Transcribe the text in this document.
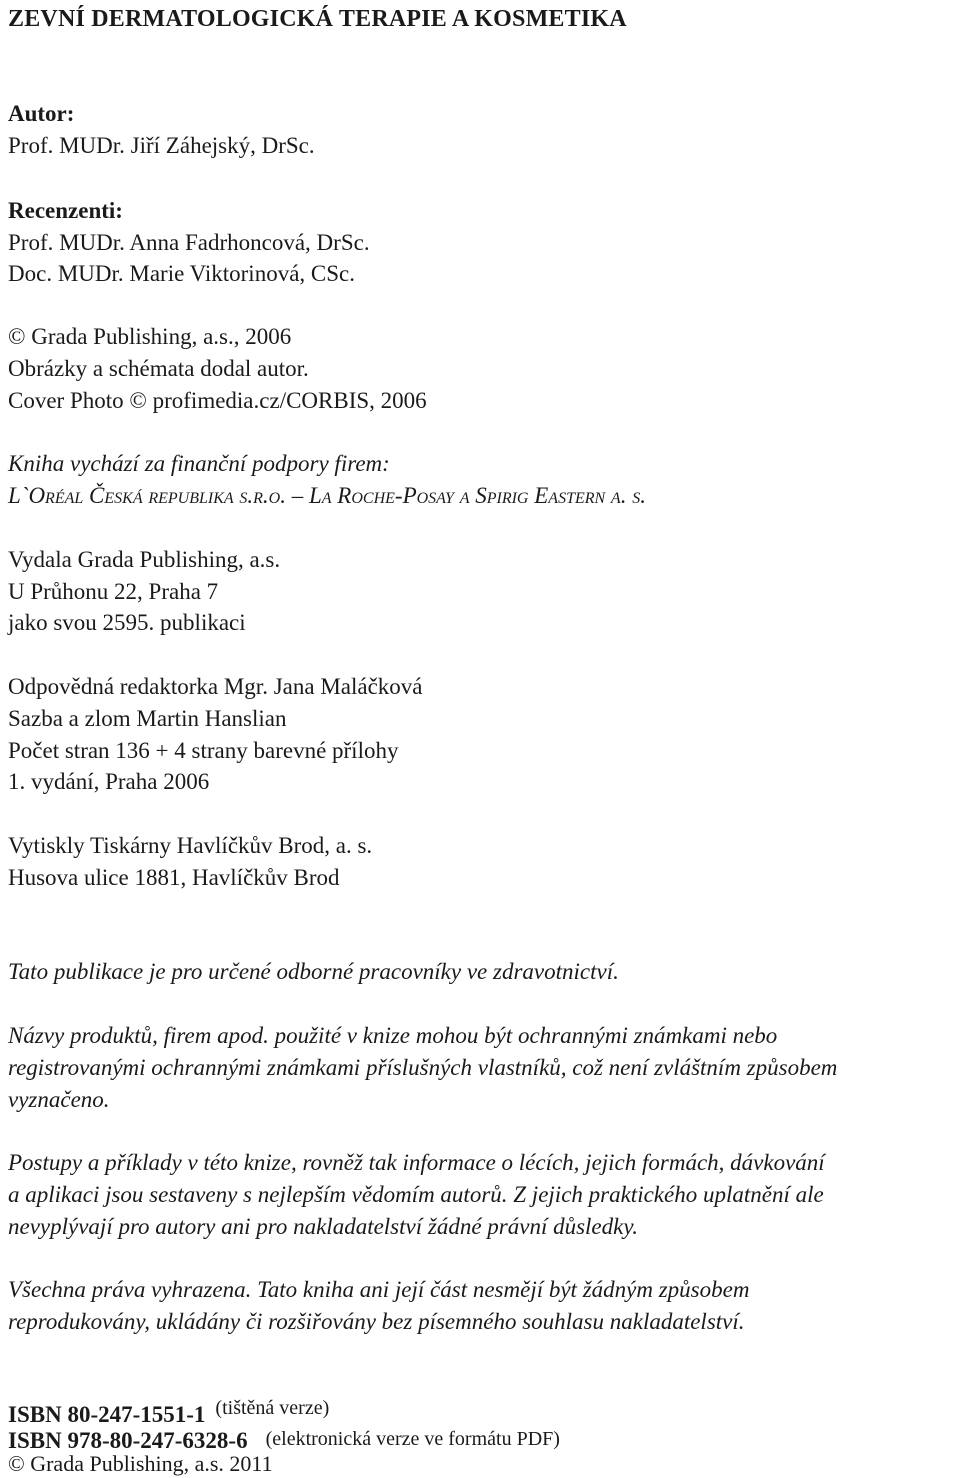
ZEVNÍ DERMATOLOGICKÁ TERAPIE A KOSMETIKA
Autor:
Prof. MUDr. Jiří Záhejský, DrSc.
Recenzenti:
Prof. MUDr. Anna Fadrhoncová, DrSc.
Doc. MUDr. Marie Viktorinová, CSc.
© Grada Publishing, a.s., 2006
Obrázky a schémata dodal autor.
Cover Photo © profimedia.cz/CORBIS, 2006
Kniha vychází za finanční podpory firem:
L`Oréal Česká republika s.r.o. – La Roche-Posay a Spirig Eastern a. s.
Vydala Grada Publishing, a.s.
U Průhonu 22, Praha 7
jako svou 2595. publikaci
Odpovědná redaktorka Mgr. Jana Maláčková
Sazba a zlom Martin Hanslian
Počet stran 136 + 4 strany barevné přílohy
1. vydání, Praha 2006
Vytiskly Tiskárny Havlíčkův Brod, a. s.
Husova ulice 1881, Havlíčkův Brod
Tato publikace je pro určené odborné pracovníky ve zdravotnictví.
Názvy produktů, firem apod. použité v knize mohou být ochrannými známkami nebo
registrovanými ochrannými známkami příslušných vlastníků, což není zvláštním způsobem
vyznačeno.
Postupy a příklady v této knize, rovněž tak informace o lécích, jejich formách, dávkování
a aplikaci jsou sestaveny s nejlepším vědomím autorů. Z jejich praktického uplatnění ale
nevyplývají pro autory ani pro nakladatelství žádné právní důsledky.
Všechna práva vyhrazena. Tato kniha ani její část nesmějí být žádným způsobem
reprodukovány, ukládány či rozšiřovány bez písemného souhlasu nakladatelství.
ISBN 80-247-1551-1 (tištěná verze)
ISBN 978-80-247-6328-6 (elektronická verze ve formátu PDF)
© Grada Publishing, a.s. 2011
